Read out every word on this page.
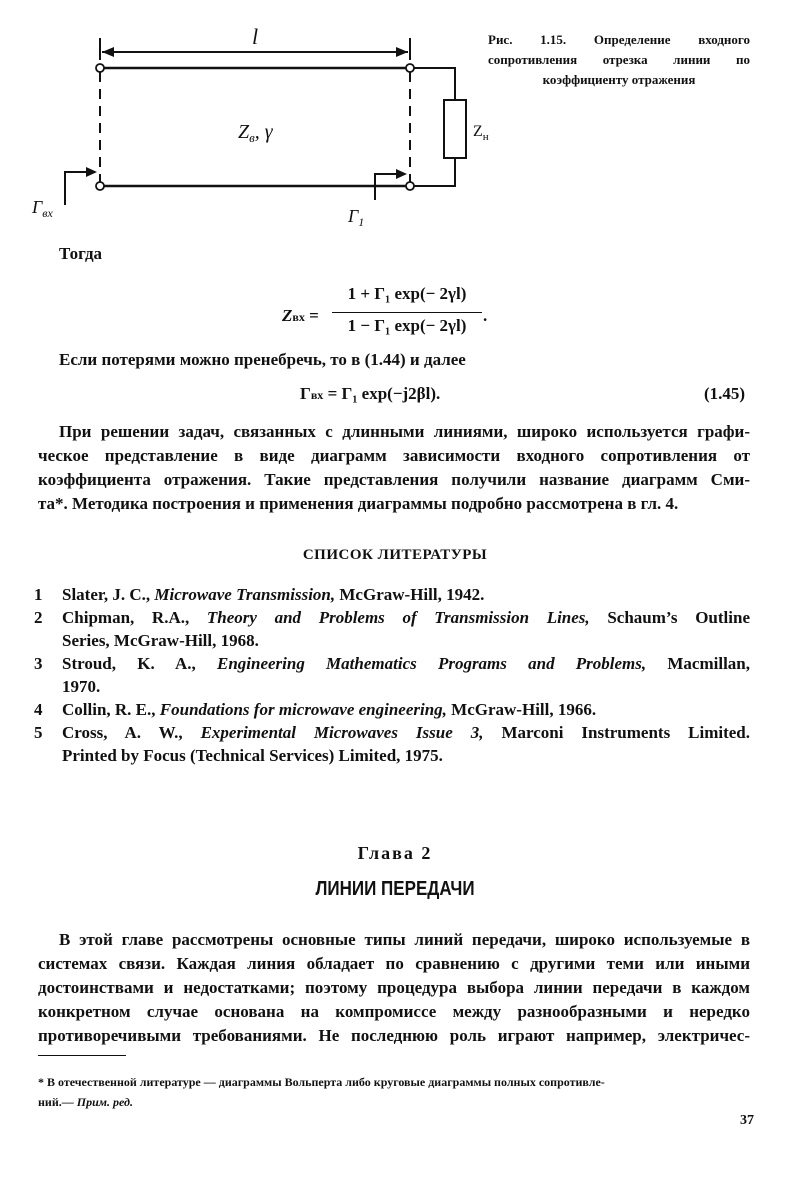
l
$Z_в$, γ	$Z_н$
$\Gamma_{вх}$	$\Gamma_1$
Рис. 1.15. Определение входного
сопротивления отрезка линии по
коэффициенту отражения
Тогда
Zвх =
1 + Γ₁ exp(− 2γl)
1 − Γ₁ exp(− 2γl)
.
Если потерями можно пренебречь, то в (1.44) и далее
Γвх = Γ₁ exp(−j2βl).	(1.45)
При решении задач, связанных с длинными линиями, широко используется графи-
ческое представление в виде диаграмм зависимости входного сопротивления от
коэффициента отражения. Такие представления получили название диаграмм Сми-
та*. Методика построения и применения диаграммы подробно рассмотрена в гл. 4.
СПИСОК ЛИТЕРАТУРЫ
1 Slater, J. C., Microwave Transmission, McGraw-Hill, 1942.
2 Chipman, R.A., Theory and Problems of Transmission Lines, Schaum’s Outline
Series, McGraw-Hill, 1968.
3 Stroud, K. A., Engineering Mathematics Programs and Problems, Macmillan,
1970.
4 Collin, R. E., Foundations for microwave engineering, McGraw-Hill, 1966.
5 Cross, A. W., Experimental Microwaves Issue 3, Marconi Instruments Limited.
Printed by Focus (Technical Services) Limited, 1975.
Глава 2
ЛИНИИ ПЕРЕДАЧИ
В этой главе рассмотрены основные типы линий передачи, широко используемые в
системах связи. Каждая линия обладает по сравнению с другими теми или иными
достоинствами и недостатками; поэтому процедура выбора линии передачи в каждом
конкретном случае основана на компромиссе между разнообразными и нередко
противоречивыми требованиями. Не последнюю роль играют например, электричес-
* В отечественной литературе — диаграммы Вольперта либо круговые диаграммы полных сопротивле-
ний.— Прим. ред.
37
